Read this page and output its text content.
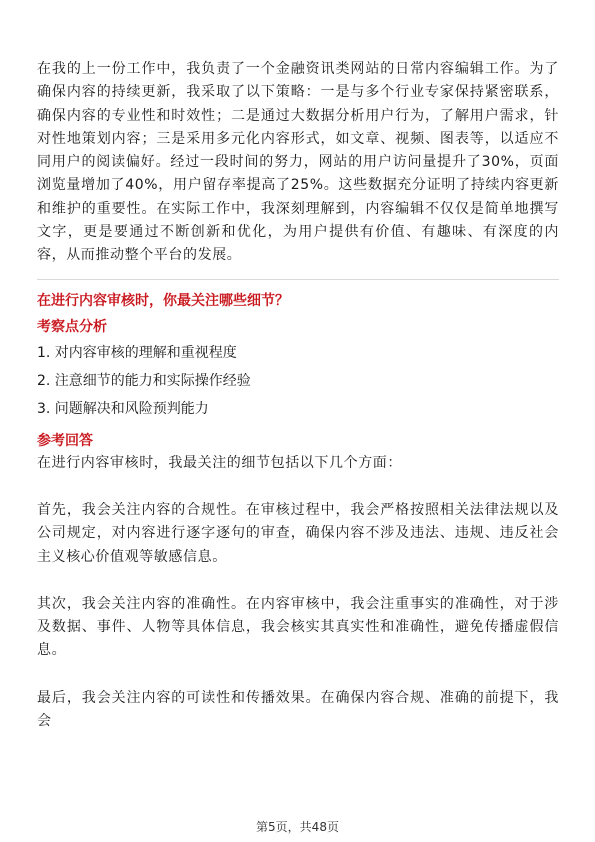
在我的上一份工作中，我负责了一个金融资讯类网站的日常内容编辑工作。为了确保内容的持续更新，我采取了以下策略：一是与多个行业专家保持紧密联系，确保内容的专业性和时效性；二是通过大数据分析用户行为，了解用户需求，针对性地策划内容；三是采用多元化内容形式，如文章、视频、图表等，以适应不同用户的阅读偏好。经过一段时间的努力，网站的用户访问量提升了30%，页面浏览量增加了40%，用户留存率提高了25%。这些数据充分证明了持续内容更新和维护的重要性。在实际工作中，我深刻理解到，内容编辑不仅仅是简单地撰写文字，更是要通过不断创新和优化，为用户提供有价值、有趣味、有深度的内容，从而推动整个平台的发展。

在进行内容审核时，你最关注哪些细节？

考察点分析

1. 对内容审核的理解和重视程度

2. 注意细节的能力和实际操作经验

3. 问题解决和风险预判能力

参考回答

在进行内容审核时，我最关注的细节包括以下几个方面：

首先，我会关注内容的合规性。在审核过程中，我会严格按照相关法律法规以及公司规定，对内容进行逐字逐句的审查，确保内容不涉及违法、违规、违反社会主义核心价值观等敏感信息。

其次，我会关注内容的准确性。在内容审核中，我会注重事实的准确性，对于涉及数据、事件、人物等具体信息，我会核实其真实性和准确性，避免传播虚假信息。

最后，我会关注内容的可读性和传播效果。在确保内容合规、准确的前提下，我会

第5页，共48页
